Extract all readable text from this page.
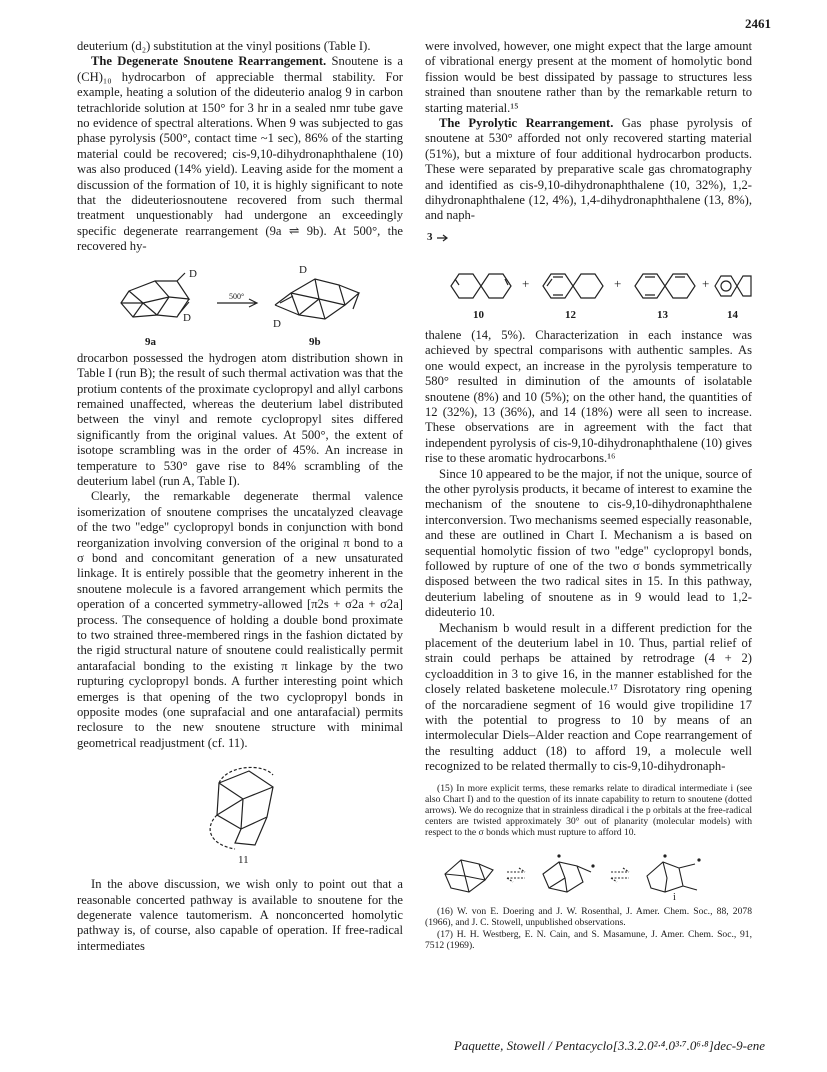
2461

deuterium (d₂) substitution at the vinyl positions (Table I).

The Degenerate Snoutene Rearrangement. Snoutene is a (CH)₁₀ hydrocarbon of appreciable thermal stability. For example, heating a solution of the dideuterio analog 9 in carbon tetrachloride solution at 150° for 3 hr in a sealed nmr tube gave no evidence of spectral alterations. When 9 was subjected to gas phase pyrolysis (500°, contact time ~1 sec), 86% of the starting material could be recovered; cis-9,10-dihydronaphthalene (10) was also produced (14% yield). Leaving aside for the moment a discussion of the formation of 10, it is highly significant to note that the dideuteriosnoutene recovered from such thermal treatment unquestionably had undergone an exceedingly specific degenerate rearrangement (9a ⇌ 9b). At 500°, the recovered hy-

D
D
500°
D
D
9a	9b

drocarbon possessed the hydrogen atom distribution shown in Table I (run B); the result of such thermal activation was that the protium contents of the proximate cyclopropyl and allyl carbons remained unaffected, whereas the deuterium label distributed between the vinyl and remote cyclopropyl sites differed significantly from the original values. At 500°, the extent of isotope scrambling was in the order of 45%. An increase in temperature to 530° gave rise to 84% scrambling of the deuterium label (run A, Table I).

Clearly, the remarkable degenerate thermal valence isomerization of snoutene comprises the uncatalyzed cleavage of the two "edge" cyclopropyl bonds in conjunction with bond reorganization involving conversion of the original π bond to a σ bond and concomitant generation of a new unsaturated linkage. It is entirely possible that the geometry inherent in the snoutene molecule is a favored arrangement which permits the operation of a concerted symmetry-allowed [π2s + σ2a + σ2a] process. The consequence of holding a double bond proximate to two strained three-membered rings in the fashion dictated by the rigid structural nature of snoutene could realistically permit antarafacial bonding to the existing π linkage by the two rupturing cyclopropyl bonds. A further interesting point which emerges is that opening of the two cyclopropyl bonds in opposite modes (one suprafacial and one antarafacial) permits reclosure to the new snoutene structure with minimal geometrical readjustment (cf. 11).

11

In the above discussion, we wish only to point out that a reasonable concerted pathway is available to snoutene for the degenerate valence tautomerism. A nonconcerted homolytic pathway is, of course, also capable of operation. If free-radical intermediates

were involved, however, one might expect that the large amount of vibrational energy present at the moment of homolytic bond fission would be best dissipated by passage to structures less strained than snoutene rather than by the remarkable return to starting material.¹⁵

The Pyrolytic Rearrangement. Gas phase pyrolysis of snoutene at 530° afforded not only recovered starting material (51%), but a mixture of four additional hydrocarbon products. These were separated by preparative scale gas chromatography and identified as cis-9,10-dihydronaphthalene (10, 32%), 1,2-dihydronaphthalene (12, 4%), 1,4-dihydronaphthalene (13, 8%), and naph-

3
+	+	+
10	12	13	14

thalene (14, 5%). Characterization in each instance was achieved by spectral comparisons with authentic samples. As one would expect, an increase in the pyrolysis temperature to 580° resulted in diminution of the amounts of isolatable snoutene (8%) and 10 (5%); on the other hand, the quantities of 12 (32%), 13 (36%), and 14 (18%) were all seen to increase. These observations are in agreement with the fact that independent pyrolysis of cis-9,10-dihydronaphthalene (10) gives rise to these aromatic hydrocarbons.¹⁶

Since 10 appeared to be the major, if not the unique, source of the other pyrolysis products, it became of interest to examine the mechanism of the snoutene to cis-9,10-dihydronaphthalene interconversion. Two mechanisms seemed especially reasonable, and these are outlined in Chart I. Mechanism a is based on sequential homolytic fission of two "edge" cyclopropyl bonds, followed by rupture of one of the two σ bonds symmetrically disposed between the two radical sites in 15. In this pathway, deuterium labeling of snoutene as in 9 would lead to 1,2-dideuterio 10.

Mechanism b would result in a different prediction for the placement of the deuterium label in 10. Thus, partial relief of strain could perhaps be attained by retrodrage (4 + 2) cycloaddition in 3 to give 16, in the manner established for the closely related basketene molecule.¹⁷ Disrotatory ring opening of the norcaradiene segment of 16 would give tropilidine 17 with the potential to progress to 10 by means of an intermolecular Diels–Alder reaction and Cope rearrangement of the resulting adduct (18) to afford 19, a molecule well recognized to be related thermally to cis-9,10-dihydronaph-

(15) In more explicit terms, these remarks relate to diradical intermediate i (see also Chart I) and to the question of its innate capability to return to snoutene (dotted arrows). We do recognize that in strainless diradical i the p orbitals at the free-radical centers are twisted approximately 30° out of planarity (molecular models) with respect to the σ bonds which must rupture to afford 10.

i

(16) W. von E. Doering and J. W. Rosenthal, J. Amer. Chem. Soc., 88, 2078 (1966), and J. C. Stowell, unpublished observations.

(17) H. H. Westberg, E. N. Cain, and S. Masamune, J. Amer. Chem. Soc., 91, 7512 (1969).

Paquette, Stowell / Pentacyclo[3.3.2.0²·⁴.0³·⁷.0⁶·⁸]dec-9-ene
